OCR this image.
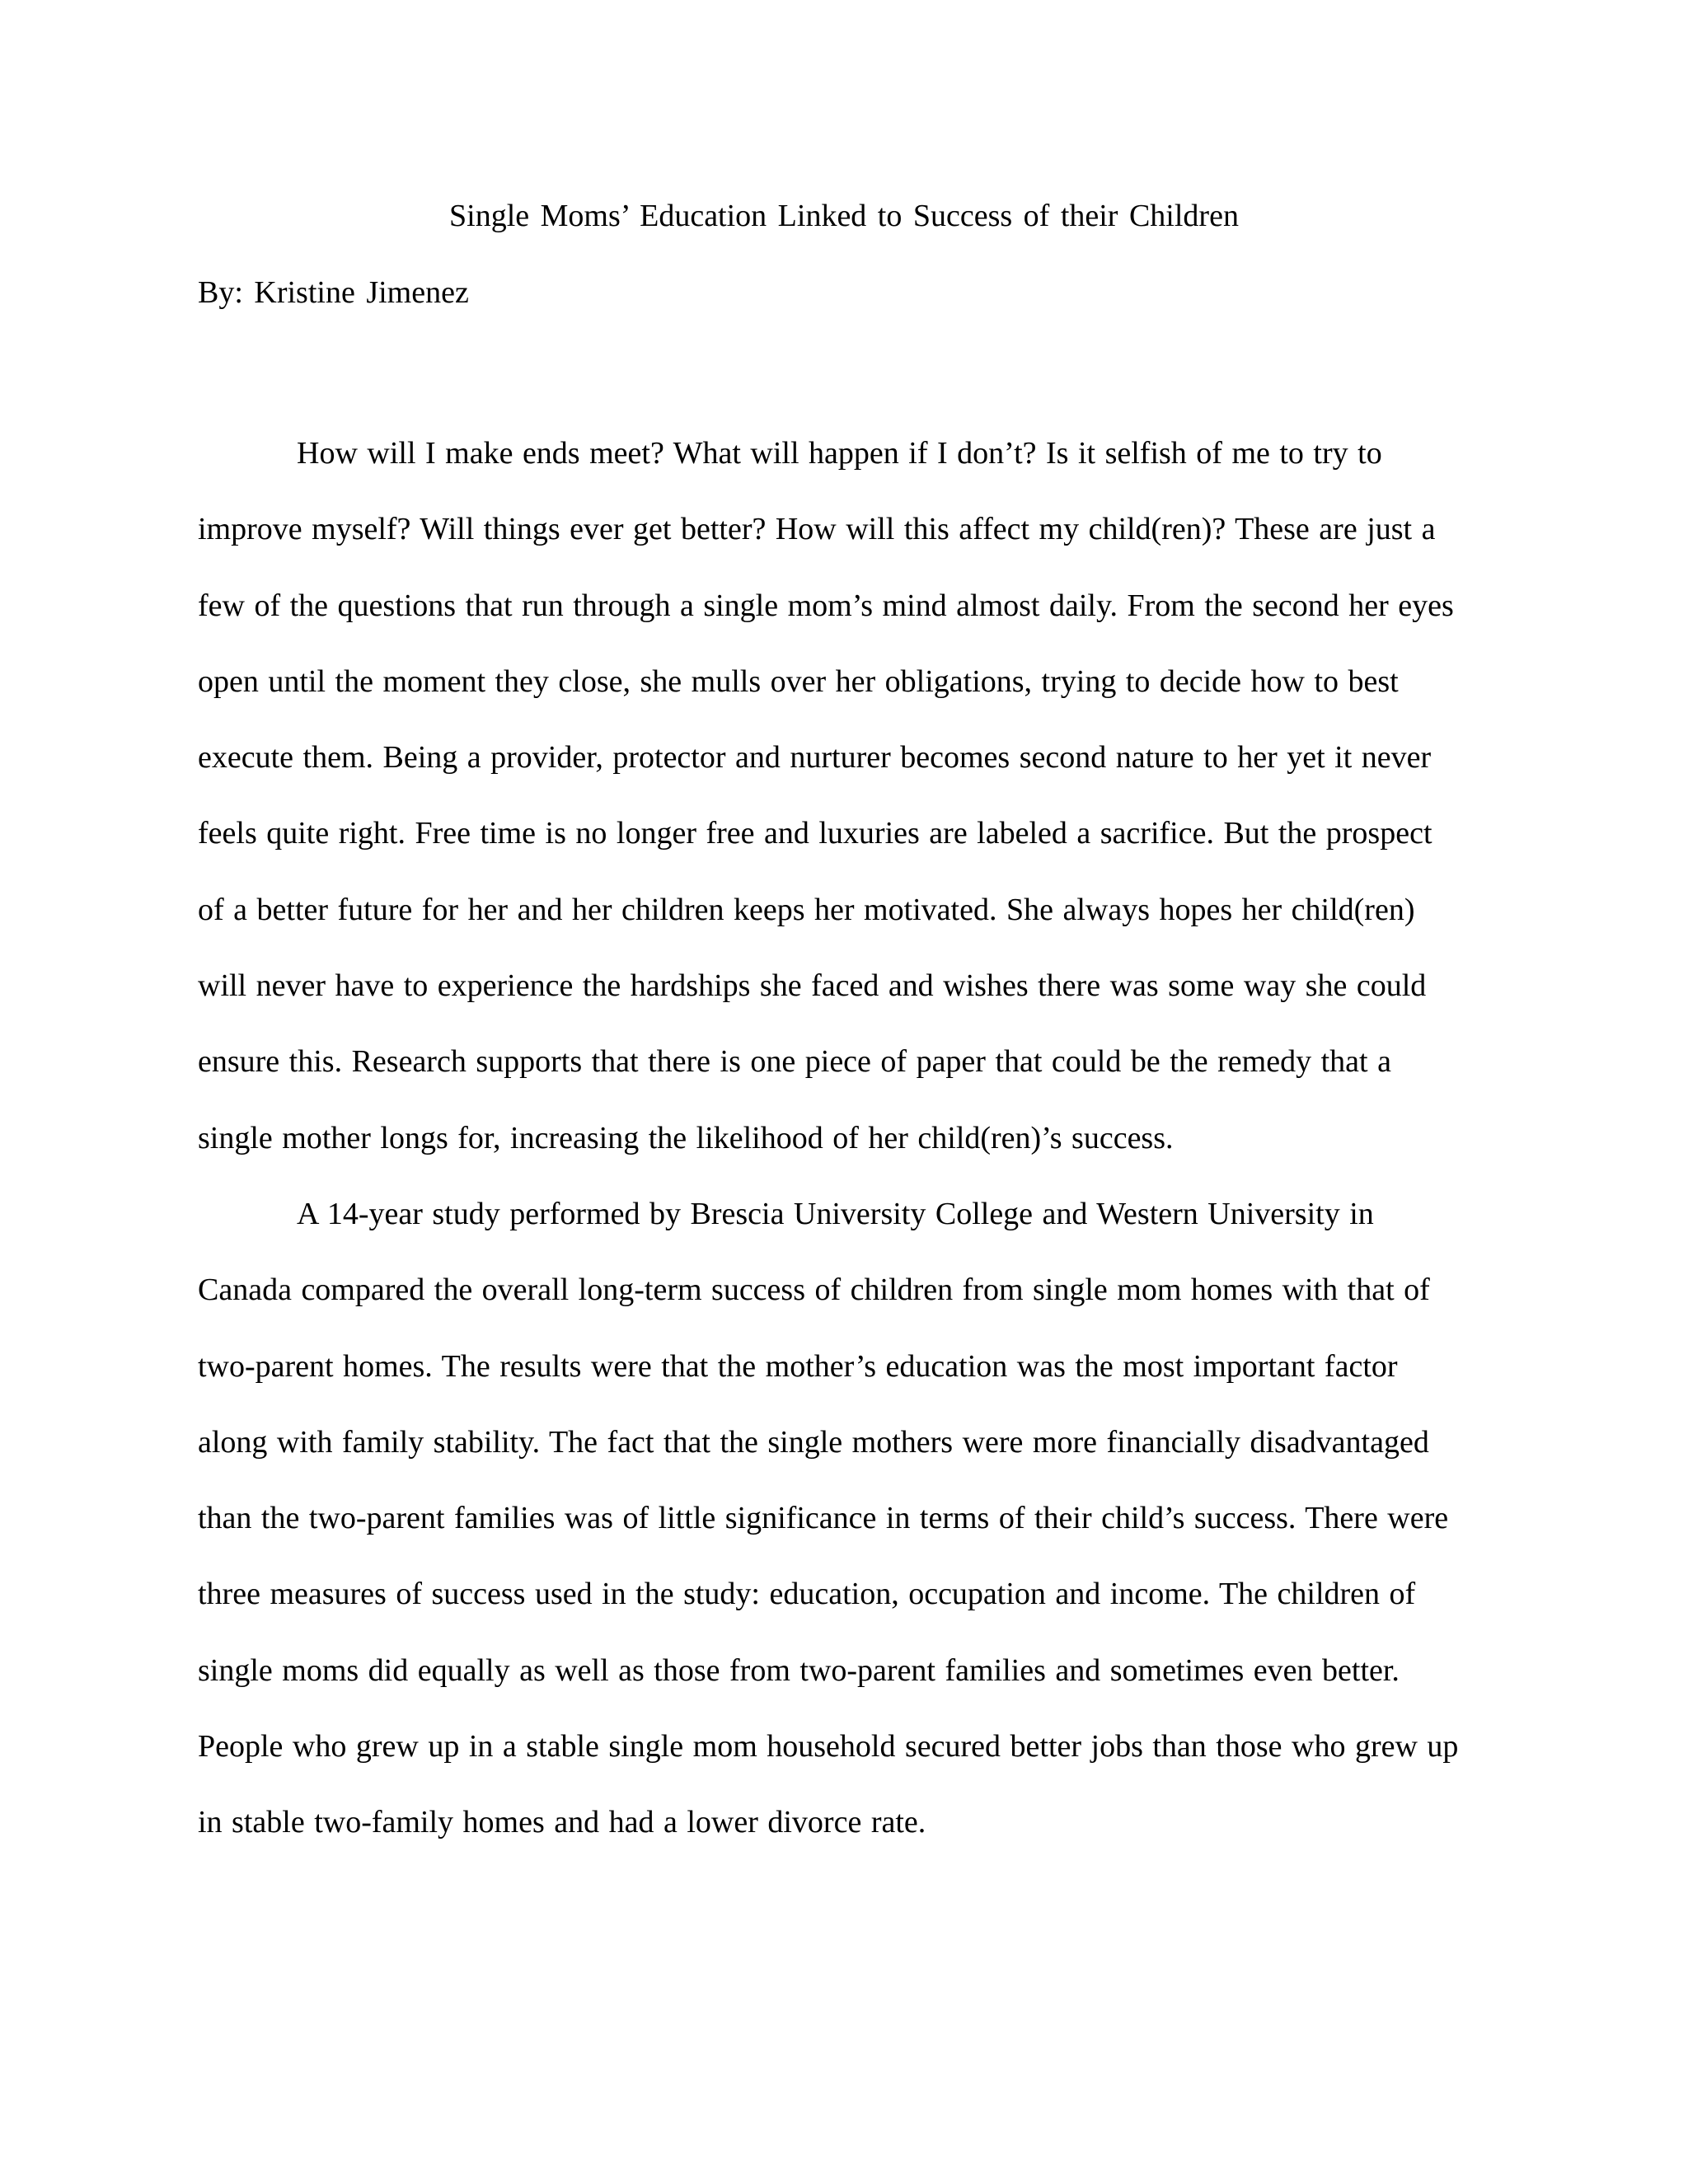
Single Moms’ Education Linked to Success of their Children
By: Kristine Jimenez

How will I make ends meet? What will happen if I don’t? Is it selfish of me to try to improve myself? Will things ever get better? How will this affect my child(ren)? These are just a few of the questions that run through a single mom’s mind almost daily. From the second her eyes open until the moment they close, she mulls over her obligations, trying to decide how to best execute them. Being a provider, protector and nurturer becomes second nature to her yet it never feels quite right. Free time is no longer free and luxuries are labeled a sacrifice. But the prospect of a better future for her and her children keeps her motivated. She always hopes her child(ren) will never have to experience the hardships she faced and wishes there was some way she could ensure this. Research supports that there is one piece of paper that could be the remedy that a single mother longs for, increasing the likelihood of her child(ren)’s success.

A 14-year study performed by Brescia University College and Western University in Canada compared the overall long-term success of children from single mom homes with that of two-parent homes. The results were that the mother’s education was the most important factor along with family stability. The fact that the single mothers were more financially disadvantaged than the two-parent families was of little significance in terms of their child’s success. There were three measures of success used in the study: education, occupation and income. The children of single moms did equally as well as those from two-parent families and sometimes even better. People who grew up in a stable single mom household secured better jobs than those who grew up in stable two-family homes and had a lower divorce rate.
